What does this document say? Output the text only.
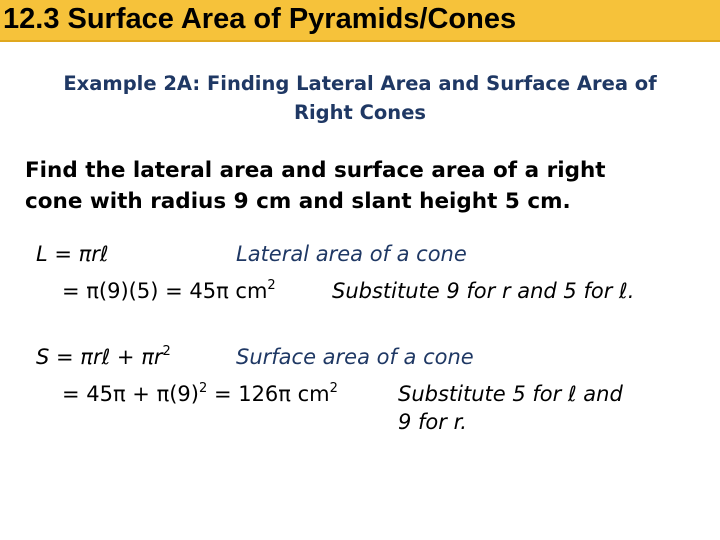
12.3 Surface Area of Pyramids/Cones
Example 2A: Finding Lateral Area and Surface Area of
Right Cones
Find the lateral area and surface area of a right
cone with radius 9 cm and slant height 5 cm.
L = πrℓ	Lateral area of a cone
= π(9)(5) = 45π $cm^2$	Substitute 9 for r and 5 for ℓ.
S = πrℓ + $\pi r^2$	Surface area of a cone
= $45\pi + \pi(9)^2 = 126\pi$ $cm^2$	Substitute 5 for ℓ and
9 for r.
